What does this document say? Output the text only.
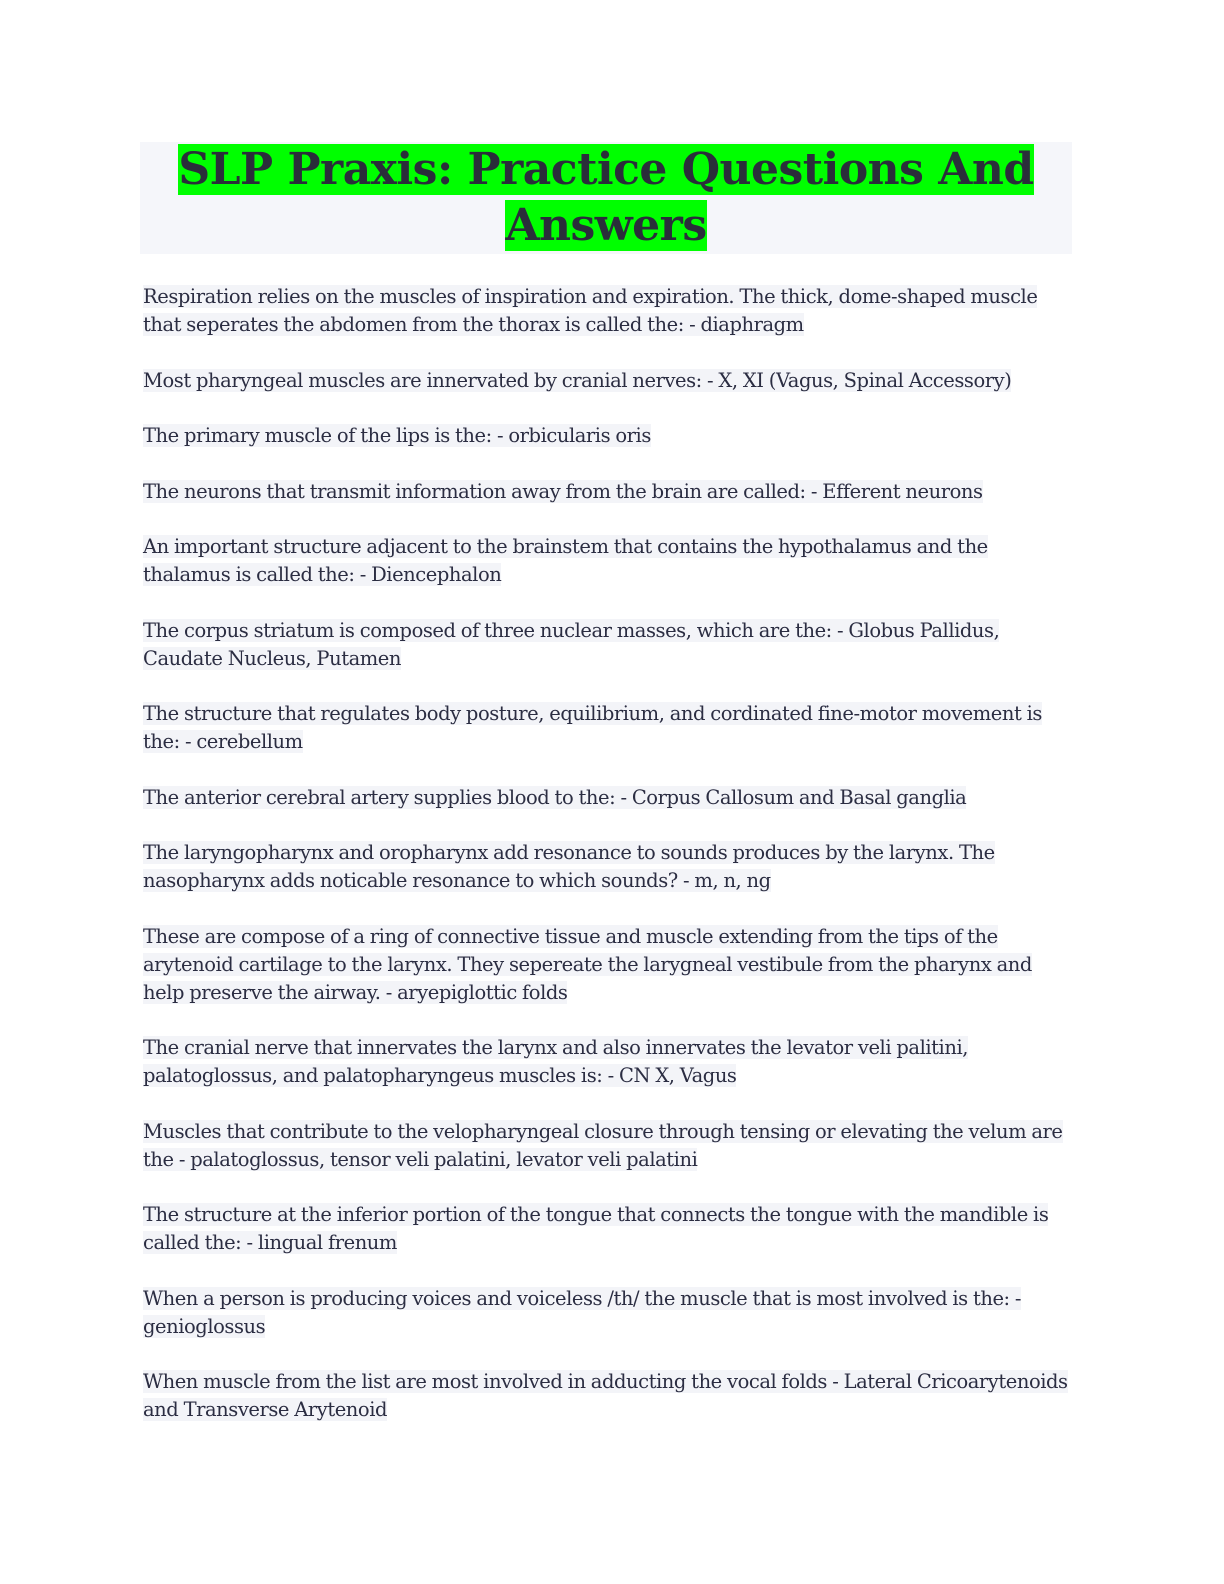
SLP Praxis: Practice Questions And Answers

Respiration relies on the muscles of inspiration and expiration. The thick, dome-shaped muscle that seperates the abdomen from the thorax is called the: - diaphragm

Most pharyngeal muscles are innervated by cranial nerves: - X, XI (Vagus, Spinal Accessory)

The primary muscle of the lips is the: - orbicularis oris

The neurons that transmit information away from the brain are called: - Efferent neurons

An important structure adjacent to the brainstem that contains the hypothalamus and the thalamus is called the: - Diencephalon

The corpus striatum is composed of three nuclear masses, which are the: - Globus Pallidus, Caudate Nucleus, Putamen

The structure that regulates body posture, equilibrium, and cordinated fine-motor movement is the: - cerebellum

The anterior cerebral artery supplies blood to the: - Corpus Callosum and Basal ganglia

The laryngopharynx and oropharynx add resonance to sounds produces by the larynx. The nasopharynx adds noticable resonance to which sounds? - m, n, ng

These are compose of a ring of connective tissue and muscle extending from the tips of the arytenoid cartilage to the larynx. They sepereate the larygneal vestibule from the pharynx and help preserve the airway. - aryepiglottic folds

The cranial nerve that innervates the larynx and also innervates the levator veli palitini, palatoglossus, and palatopharyngeus muscles is: - CN X, Vagus

Muscles that contribute to the velopharyngeal closure through tensing or elevating the velum are the - palatoglossus, tensor veli palatini, levator veli palatini

The structure at the inferior portion of the tongue that connects the tongue with the mandible is called the: - lingual frenum

When a person is producing voices and voiceless /th/ the muscle that is most involved is the: - genioglossus

When muscle from the list are most involved in adducting the vocal folds - Lateral Cricoarytenoids and Transverse Arytenoid
